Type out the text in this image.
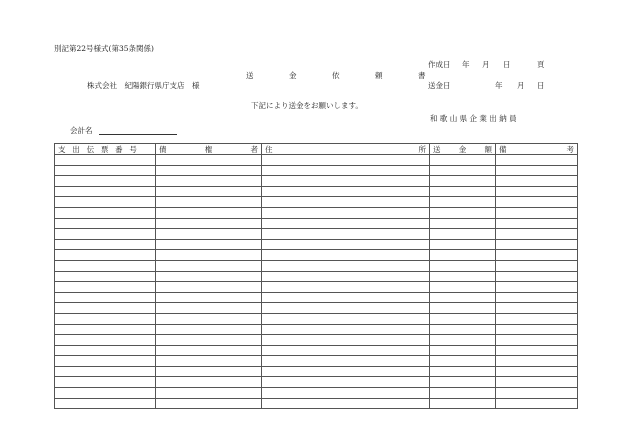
別記第22号様式(第35条関係)
作成日 年 月 日	頁
送　金　依　頼　書
株式会社　紀陽銀行県庁支店　様	送金日	年 月 日
下記により送金をお願いします。
和 歌 山 県 企 業 出 納 員
会計名
支 出 伝 票 番 号	債 権 者	住 所	送 金 額	備 考
